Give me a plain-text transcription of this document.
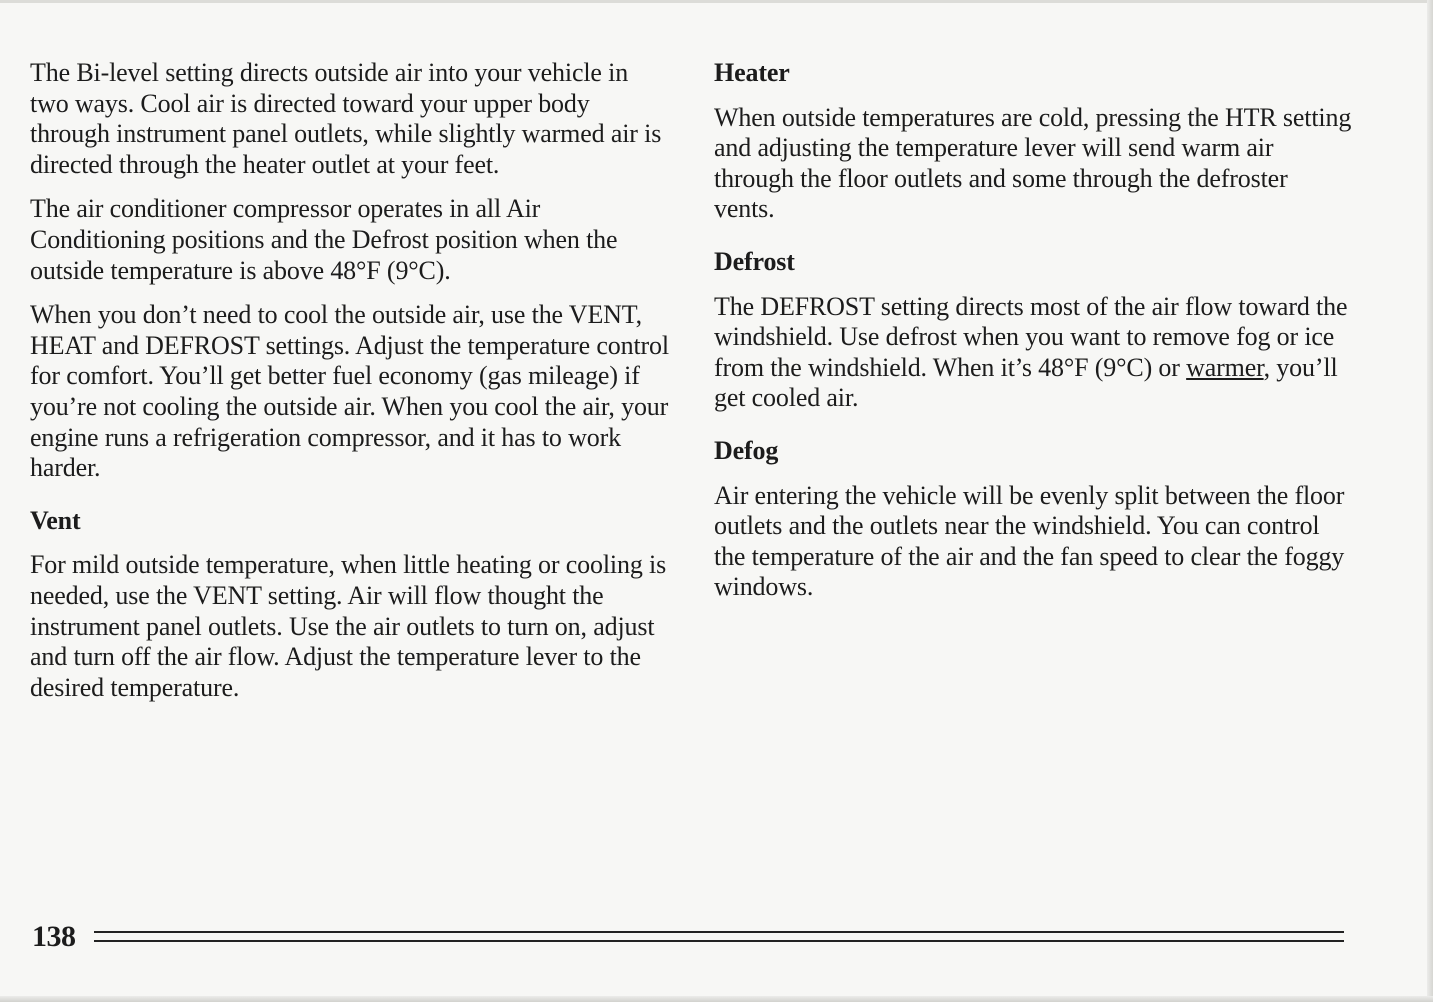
The Bi-level setting directs outside air into your vehicle in two ways. Cool air is directed toward your upper body through instrument panel outlets, while slightly warmed air is directed through the heater outlet at your feet.

The air conditioner compressor operates in all Air Conditioning positions and the Defrost position when the outside temperature is above 48°F (9°C).

When you don’t need to cool the outside air, use the VENT, HEAT and DEFROST settings. Adjust the temperature control for comfort. You’ll get better fuel economy (gas mileage) if you’re not cooling the outside air. When you cool the air, your engine runs a refrigeration compressor, and it has to work harder.

Vent

For mild outside temperature, when little heating or cooling is needed, use the VENT setting. Air will flow thought the instrument panel outlets. Use the air outlets to turn on, adjust and turn off the air flow. Adjust the temperature lever to the desired temperature.

Heater

When outside temperatures are cold, pressing the HTR setting and adjusting the temperature lever will send warm air through the floor outlets and some through the defroster vents.

Defrost

The DEFROST setting directs most of the air flow toward the windshield. Use defrost when you want to remove fog or ice from the windshield. When it’s 48°F (9°C) or warmer, you’ll get cooled air.

Defog

Air entering the vehicle will be evenly split between the floor outlets and the outlets near the windshield. You can control the temperature of the air and the fan speed to clear the foggy windows.

138
